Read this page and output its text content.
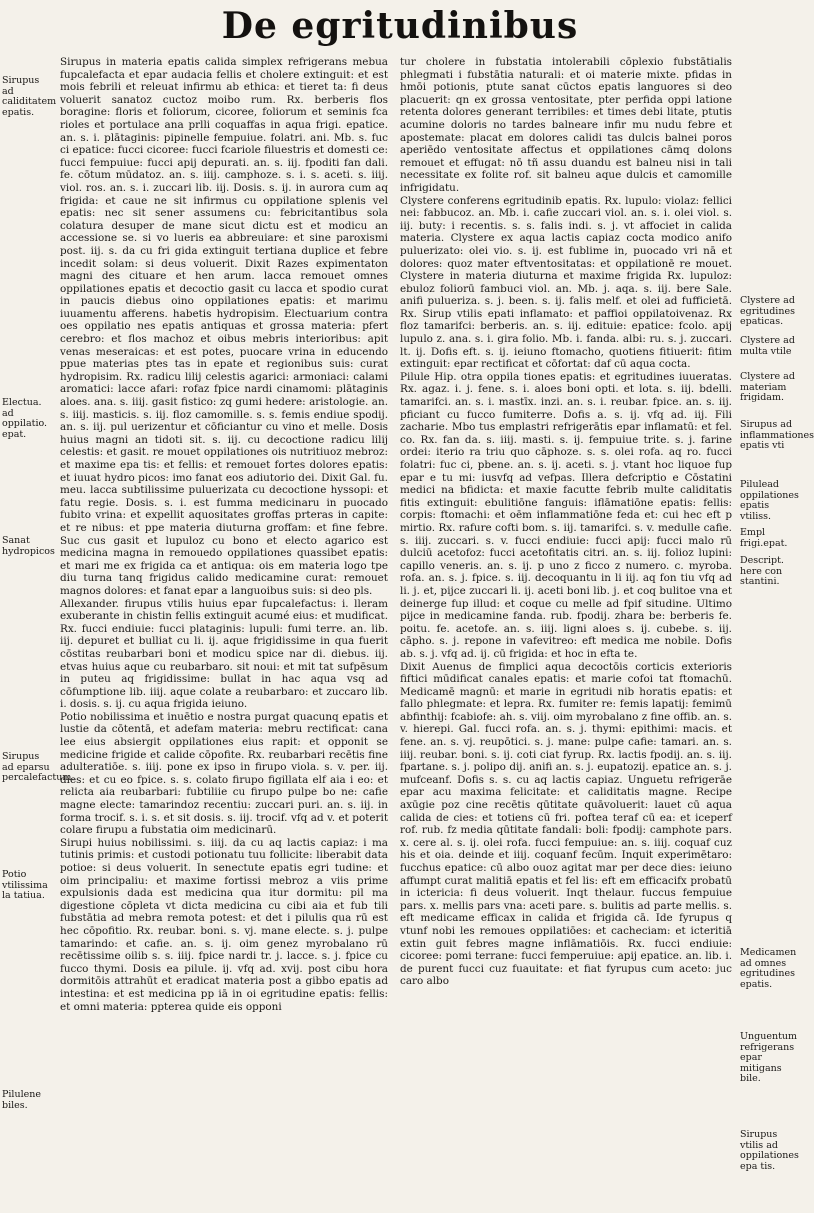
De egritudinibus
Sirupus ad caliditatem epatis.
Electua. ad oppilatio. epat.
Sanat hydropicos
Sirupus ad eparsu percalefactum.
Potio vtilissima la tatiua.
Pilulene biles.
Clystere ad egritudines epaticas.
Clystere ad multa vtile
Clystere ad materiam frigidam.
Sirupus ad inflammationes epatis vti
Pilulead oppilationes epatis vtiliss.
Empl frigi.epat.
Descript. here con stantini.
Medicamen ad omnes egritudines epatis.
Unguentum refrigerans epar mitigans bile.
Sirupus vtilis ad oppilationes epa tis.

Sirupus in materia epatis calida simplex refrigerans mebua fupcalefacta et epar audacia fellis et cholere extinguit: et est mois febrili et releuat infirmu ab ethica: et tieret ta: fi deus voluerit sanatoz cuctoz moibo rum. Rx. berberis flos boragine: floris et foliorum, cicoree, foliorum et seminis fca rioles et portulace ana prlli coquaffas in aqua frigi. epatice. an. s. i. plātaginis: pipinelle fempuiue. folatri. ani. Mb. s. fuc ci epatice: fucci cicoree: fucci fcariole filuestris et domesti ce: fucci fempuiue: fucci apij depurati. an. s. iij. fpoditi fan dali. fe. cōtum mūdatoz. an. s. iiij. camphoze. s. i. s. aceti. s. iiij. viol. ros. an. s. i. zuccari lib. iij. Dosis. s. ij. in aurora cum aq frigida: et caue ne sit infirmus cu oppilatione splenis vel epatis: nec sit sener assumens cu: febricitantibus sola colatura desuper de mane sicut dictu est et modicu an accessione se. si vo lueris ea abbreuiare: et sine paroxismi post. iij. s. da cu fri gida extinguit tertiana duplice et febre incedit solam: si deus voluerit. Dixit Razes expimentaton magni des cituare et hen arum. lacca remouet omnes oppilationes epatis et decoctio gasit cu lacca et spodio curat in paucis diebus oino oppilationes epatis: et marimu iuuamentu afferens. habetis hydropisim. Electuarium contra oes oppilatio nes epatis antiquas et grossa materia: pfert cerebro: et flos machoz et oibus mebris interioribus: apit venas meseraicas: et est potes, puocare vrina in educendo ppue materias ptes tas in epate et regionibus suis: curat hydropisim. Rx. radicu lilij celestis agarici: armoniaci: calami aromatici: lacce afari: rofaz fpice nardi cinamomi: plātaginis aloes. ana. s. iiij. gasit fistico: zq gumi hedere: aristologie. an. s. iiij. masticis. s. iij. floz camomille. s. s. femis endiue spodij. an. s. iij. pul uerizentur et cōficiantur cu vino et melle. Dosis huius magni an tidoti sit. s. iij. cu decoctione radicu lilij celestis: et gasit. re mouet oppilationes ois nutritiuoz mebroz: et maxime epa tis: et fellis: et remouet fortes dolores epatis: et iuuat hydro picos: imo fanat eos adiutorio dei. Dixit Gal. fu. meu. lacca subtilissime puluerizata cu decoctione hyssopi: et fatu regie. Dosis. s. i. est fumma medicinaru in puocado fubito vrina: et expellit aquositates groffas prteras in capite: et re nibus: et ppe materia diuturna groffam: et fine febre. Suc cus gasit et lupuloz cu bono et electo agarico est medicina magna in remouedo oppilationes quassibet epatis: et mari me ex frigida ca et antiqua: ois em materia logo tpe diu turna tanq frigidus calido medicamine curat: remouet magnos dolores: et fanat epar a languoibus suis: si deo pls.

Allexander. firupus vtilis huius epar fupcalefactus: i. lleram exuberante in chistin fellis extinguit acumé eius: et mudificat. Rx. fucci endiuie: fucci plataginis: lupuli: fumi terre. an. lib. iij. depuret et bulliat cu li. ij. aque frigidissime in qua fuerit cōstitas reubarbari boni et modicu spice nar di. diebus. iij. etvas huius aque cu reubarbaro. sit noui: et mit tat sufpēsum in puteu aq frigidissime: bullat in hac aqua vsq ad cōfumptione lib. iiij. aque colate a reubarbaro: et zuccaro lib. i. dosis. s. ij. cu aqua frigida ieiuno.

Potio nobilissima et inuētio e nostra purgat quacunq epatis et lustie da cōtentā, et adefam materia: mebru rectificat: cana lee eius absiergit oppilationes eius rapit: et opponit se medicine frigide et calide cōpofite. Rx. reubarbari recētis fine adulteratiōe. s. iiij. pone ex ipso in firupo viola. s. v. per. iij. dies: et cu eo fpice. s. s. colato firupo figillata elf aia i eo: et relicta aia reubarbari: fubtiliie cu firupo pulpe bo ne: cafie magne electe: tamarindoz recentiu: zuccari puri. an. s. iij. in forma trocif. s. i. s. et sit dosis. s. iij. trocif. vfq ad v. et poterit colare firupu a fubstatia oim medicinarū.

Sirupi huius nobilissimi. s. iiij. da cu aq lactis capiaz: i ma tutinis primis: et custodi potionatu tuu follicite: liberabit data potioe: si deus voluerit. In senectute epatis egri tudine: et oim principaliu: et maxime fortissi mebroz a viis prime expulsionis dada est medicina qua itur dormitu: pil ma digestione cōpleta vt dicta medicina cu cibi aia et fub tili fubstātia ad mebra remota potest: et det i pilulis qua rū est hec cōpofitio. Rx. reubar. boni. s. vj. mane electe. s. j. pulpe tamarindo: et cafie. an. s. ij. oim genez myrobalano rū recētissime oilib s. s. iiij. fpice nardi tr. j. lacce. s. j. fpice cu fucco thymi. Dosis ea pilule. ij. vfq ad. xvij. post cibu hora dormitōis attrahūt et eradicat materia post a gibbo epatis ad intestina: et est medicina pp iā in oi egritudine epatis: fellis: et omni materia: ppterea quide eis opponi

tur cholere in fubstatia intolerabili cōplexio fubstātialis phlegmati i fubstātia naturali: et oi materie mixte. pfidas in hmōi potionis, ptute sanat cūctos epatis languores si deo placuerit: qn ex grossa ventositate, pter perfida oppi latione retenta dolores generant terribiles: et times debi litate, ptutis acumine doloris no tardes balneare infir mu nudu febre et apostemate: placat em dolores calidi tas dulcis balnei poros aperiēdo ventositate affectus et oppilationes cāmq dolons remouet et effugat: nō tñ assu duandu est balneu nisi in tali necessitate ex folite rof. sit balneu aque dulcis et camomille infrigidatu.

Clystere conferens egritudinib epatis. Rx. lupulo: violaz: fellici nei: fabbucoz. an. Mb. i. cafie zuccari viol. an. s. i. olei viol. s. iij. buty: i recentis. s. s. falis indi. s. j. vt affociet in calida materia. Clystere ex aqua lactis capiaz cocta modico anifo puluerizato: olei vio. s. ij. est fublime in, puocado vri nā et dolores: quoz mater eftventositatas: et oppilationē re mouet. Clystere in materia diuturna et maxime frigida Rx. lupuloz: ebuloz foliorū fambuci viol. an. Mb. j. aqa. s. iij. bere Sale. anifi pulueriza. s. j. been. s. ij. falis melf. et olei ad fufficietā. Rx. Sirup vtilis epati inflamato: et paffioi oppilatoivenaz. Rx floz tamarifci: berberis. an. s. iij. edituie: epatice: fcolo. apij lupulo z. ana. s. i. gira folio. Mb. i. fanda. albi: ru. s. j. zuccari. lt. ij. Dofis eft. s. ij. ieiuno ftomacho, quotiens fitiuerit: fitim extinguit: epar rectificat et cōfortat: daf cū aqua cocta.

Pilule Hip. otra oppila tiones epatis: et egritudines iuueratas. Rx. agaz. i. j. fene. s. i. aloes boni opti. et lota. s. iij. bdelli. tamarifci. an. s. i. mastīx. inzi. an. s. i. reubar. fpice. an. s. iij. pficiant cu fucco fumiterre. Dofis a. s. ij. vfq ad. iij. Fili zacharie. Mbo tus emplastri refrigerātis epar inflamatū: et fel. co. Rx. fan da. s. iiij. masti. s. ij. fempuiue trite. s. j. farine ordei: iterio ra triu quo cāphoze. s. s. olei rofa. aq ro. fucci folatri: fuc ci, pbene. an. s. ij. aceti. s. j. vtant hoc liquoe fup epar e tu mi: iusvfq ad vefpas. Illera defcriptio e Cōstatini medici na bfidicta: et maxie facutte febrib multe caliditatis fitis extinguit: ebulitiōne fanguis: iflāmatiōne epatis: fellis: corpis: ftomachi: et oēm inflammatiōne feda et: cui hec eft p mirtio. Rx. rafure cofti bom. s. iij. tamarifci. s. v. medulle cafie. s. iiij. zuccari. s. v. fucci endiuie: fucci apij: fucci malo rū dulciū acetofoz: fucci acetofitatis citri. an. s. iij. folioz lupini: capillo veneris. an. s. ij. p uno z ficco z numero. c. myroba. rofa. an. s. j. fpice. s. iij. decoquantu in li iij. aq fon tiu vfq ad li. j. et, pijce zuccari li. ij. aceti boni lib. j. et coq bulitoe vna et deinerge fup illud: et coque cu melle ad fpif situdine. Ultimo pijce in medicamine fanda. rub. fpodij. zhara be: berberis fe. poitu. fe. acetofe. an. s. iiij. ligni aloes s. ij. cubebe. s. iij. cāpho. s. j. repone in vafevitreo: eft medica me nobile. Dofis ab. s. j. vfq ad. ij. cū frigida: et hoc in efta te.

Dixit Auenus de fimplici aqua decoctōis corticis exterioris fiftici mūdificat canales epatis: et marie cofoi tat ftomachū. Medicamē magnū: et marie in egritudi nib horatis epatis: et fallo phlegmate: et lepra. Rx. fumiter re: femis lapatij: femimū abfinthij: fcabiofe: ah. s. viij. oim myrobalano z fine offib. an. s. v. hierepi. Gal. fucci rofa. an. s. j. thymi: epithimi: macis. et fene. an. s. vj. reupōtici. s. j. mane: pulpe cafie: tamari. an. s. iiij. reubar. boni. s. ij. coti ciat fyrup. Rx. lactis fpodij. an. s. iij. fpartane. s. j. polipo dij. anifi an. s. j. eupatozij. epatice an. s. j. mufceanf. Dofis s. s. cu aq lactis capiaz. Unguetu refrigerāe epar acu maxima felicitate: et caliditatis magne. Recipe axūgie poz cine recētis qūtitate quāvoluerit: lauet cū aqua calida de cies: et totiens cū fri. poftea teraf cū ea: et iceperf rof. rub. fz media qūtitate fandali: boli: fpodij: camphote pars. x. cere al. s. ij. olei rofa. fucci fempuiue: an. s. iiij. coquaf cuz his et oia. deinde et iiij. coquanf fecūm. Inquit experimētaro: fucchus epatice: cū albo ouoz agitat mar per dece dies: ieiuno affumpt curat malitiā epatis et fel lis: eft em efficacifx probatū in ictericia: fi deus voluerit. Inqt thelaur. fuccus fempuiue pars. x. mellis pars vna: aceti pare. s. bulitis ad parte mellis. s. eft medicame efficax in calida et frigida cā. Ide fyrupus q vtunf nobi les remoues oppilatiōes: et cacheciam: et icteritiā extin guit febres magne inflāmatiōis. Rx. fucci endiuie: cicoree: pomi terrane: fucci femperuiue: apij epatice. an. lib. i. de purent fucci cuz fuauitate: et fiat fyrupus cum aceto: juc caro albo
